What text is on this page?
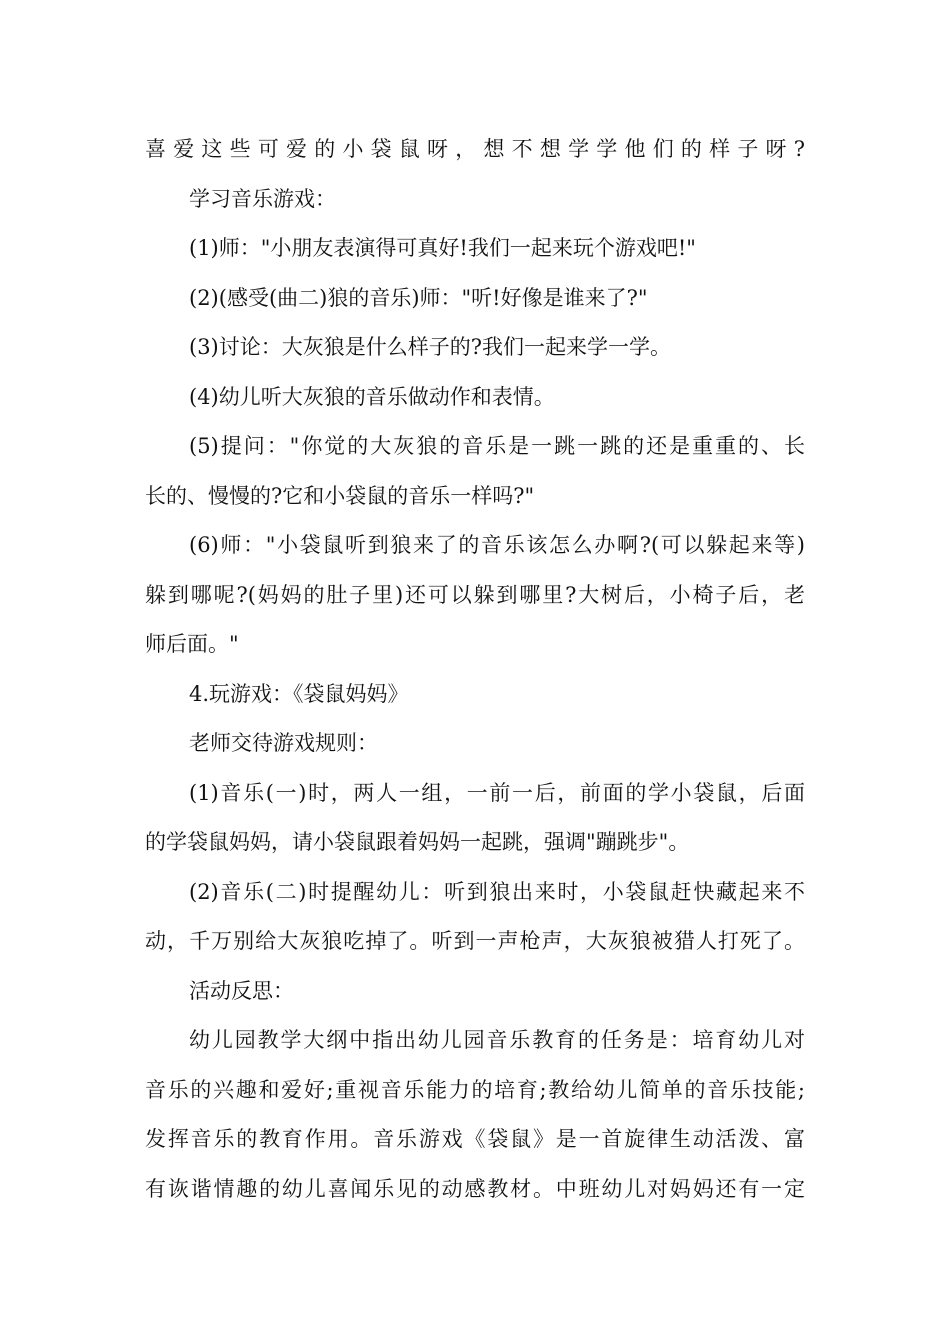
喜爱这些可爱的小袋鼠呀，想不想学学他们的样子呀?
学习音乐游戏：
(1)师："小朋友表演得可真好!我们一起来玩个游戏吧!"
(2)(感受(曲二)狼的音乐)师："听!好像是谁来了?"
(3)讨论：大灰狼是什么样子的?我们一起来学一学。
(4)幼儿听大灰狼的音乐做动作和表情。
(5)提问："你觉的大灰狼的音乐是一跳一跳的还是重重的、长
长的、慢慢的?它和小袋鼠的音乐一样吗?"
(6)师："小袋鼠听到狼来了的音乐该怎么办啊?(可以躲起来等)
躲到哪呢?(妈妈的肚子里)还可以躲到哪里?大树后，小椅子后，老
师后面。"
4.玩游戏：《袋鼠妈妈》
老师交待游戏规则：
(1)音乐(一)时，两人一组，一前一后，前面的学小袋鼠，后面
的学袋鼠妈妈，请小袋鼠跟着妈妈一起跳，强调"蹦跳步"。
(2)音乐(二)时提醒幼儿：听到狼出来时，小袋鼠赶快藏起来不
动，千万别给大灰狼吃掉了。听到一声枪声，大灰狼被猎人打死了。
活动反思：
幼儿园教学大纲中指出幼儿园音乐教育的任务是：培育幼儿对
音乐的兴趣和爱好;重视音乐能力的培育;教给幼儿简单的音乐技能;
发挥音乐的教育作用。音乐游戏《袋鼠》是一首旋律生动活泼、富
有诙谐情趣的幼儿喜闻乐见的动感教材。中班幼儿对妈妈还有一定
